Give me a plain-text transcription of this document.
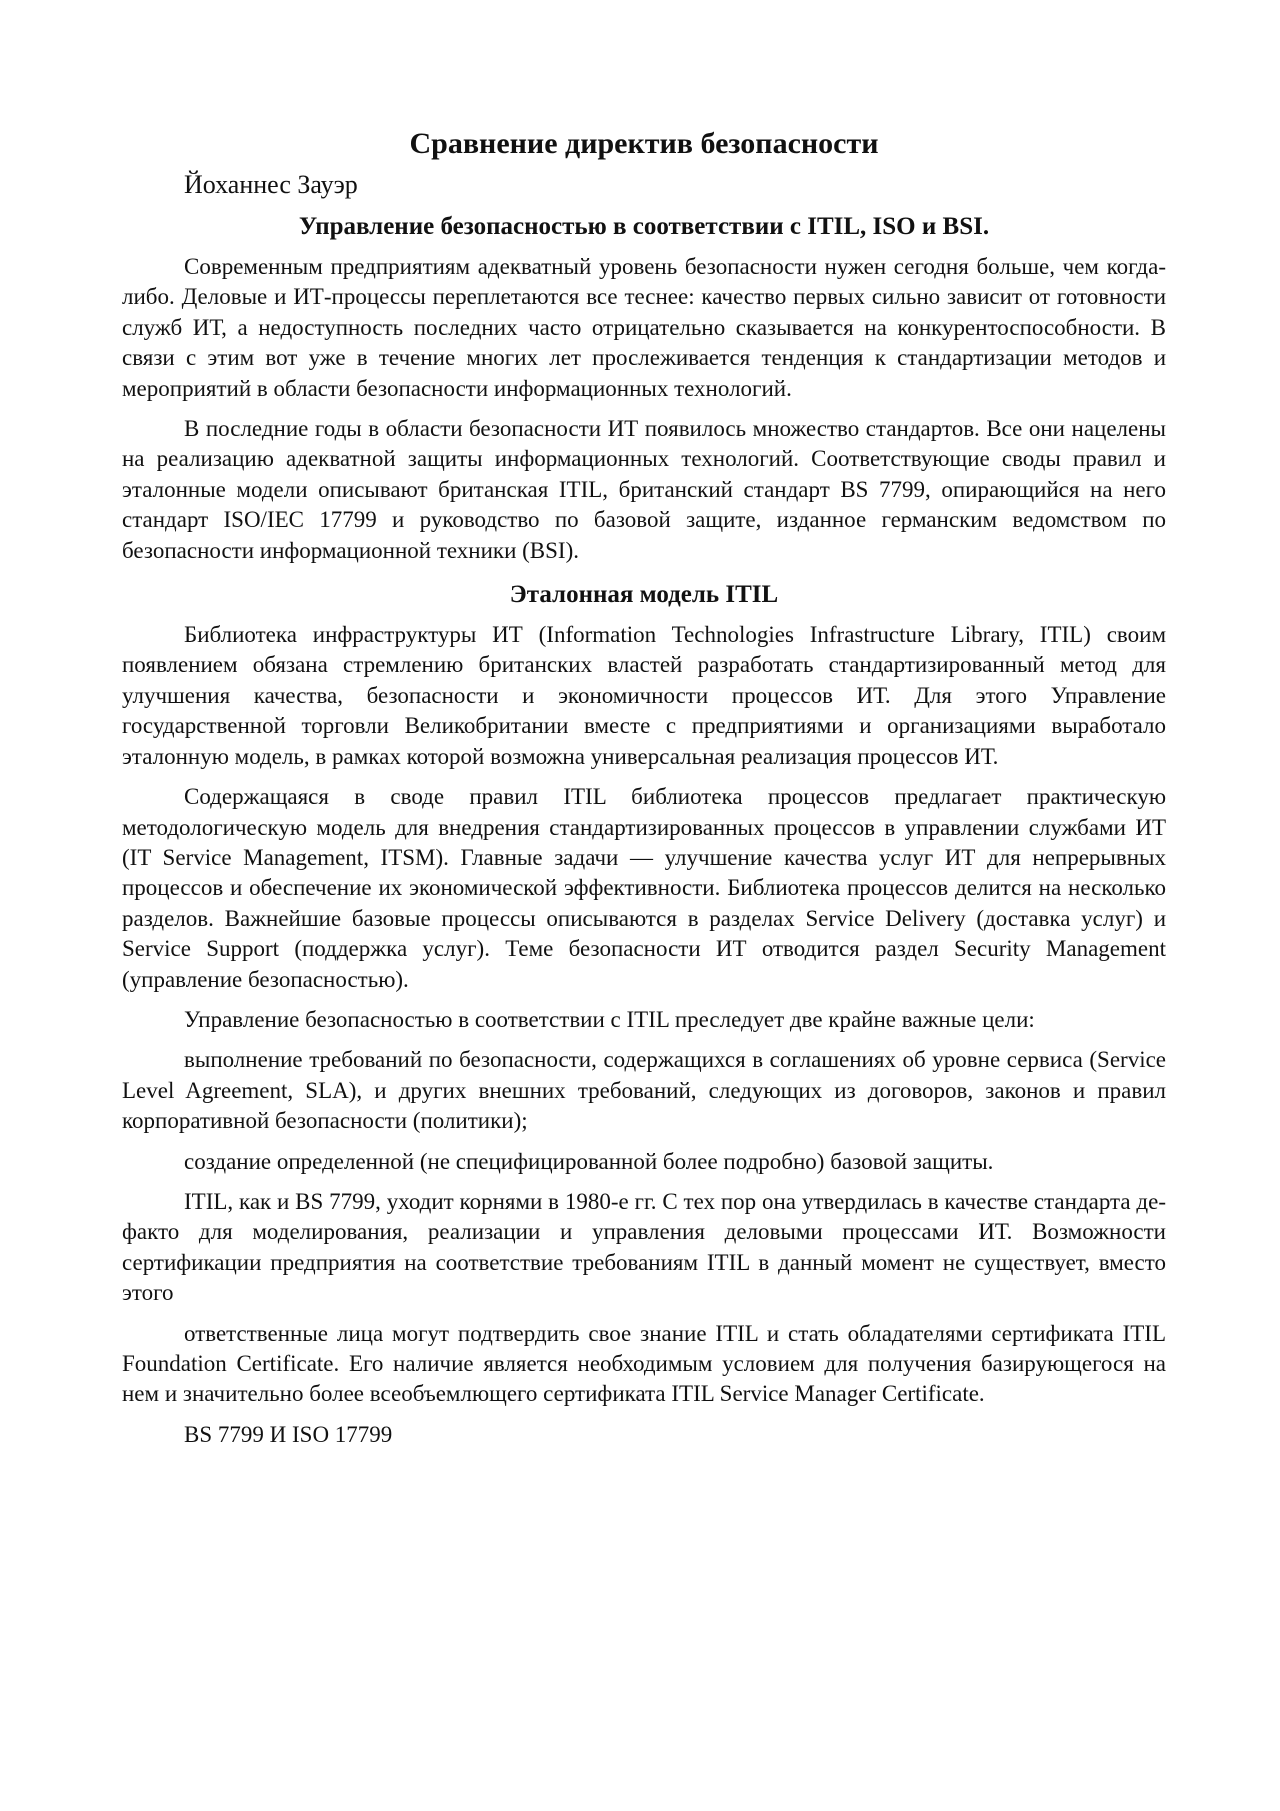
Сравнение директив безопасности

Йоханнес Зауэр

Управление безопасностью в соответствии с ITIL, ISO и BSI.

Современным предприятиям адекватный уровень безопасности нужен сегодня больше, чем когда-либо. Деловые и ИТ-процессы переплетаются все теснее: качество первых сильно зависит от готовности служб ИТ, а недоступность последних часто отрицательно сказывается на конкурентоспособности. В связи с этим вот уже в течение многих лет прослеживается тенденция к стандартизации методов и мероприятий в области безопасности информационных технологий.

В последние годы в области безопасности ИТ появилось множество стандартов. Все они нацелены на реализацию адекватной защиты информационных технологий. Соответствующие своды правил и эталонные модели описывают британская ITIL, британский стандарт BS 7799, опирающийся на него стандарт ISO/IEC 17799 и руководство по базовой защите, изданное германским ведомством по безопасности информационной техники (BSI).

Эталонная модель ITIL

Библиотека инфраструктуры ИТ (Information Technologies Infrastructure Library, ITIL) своим появлением обязана стремлению британских властей разработать стандартизированный метод для улучшения качества, безопасности и экономичности процессов ИТ. Для этого Управление государственной торговли Великобритании вместе с предприятиями и организациями выработало эталонную модель, в рамках которой возможна универсальная реализация процессов ИТ.

Содержащаяся в своде правил ITIL библиотека процессов предлагает практическую методологическую модель для внедрения стандартизированных процессов в управлении службами ИТ (IT Service Management, ITSM). Главные задачи — улучшение качества услуг ИТ для непрерывных процессов и обеспечение их экономической эффективности. Библиотека процессов делится на несколько разделов. Важнейшие базовые процессы описываются в разделах Service Delivery (доставка услуг) и Service Support (поддержка услуг). Теме безопасности ИТ отводится раздел Security Management (управление безопасностью).

Управление безопасностью в соответствии с ITIL преследует две крайне важные цели:

выполнение требований по безопасности, содержащихся в соглашениях об уровне сервиса (Service Level Agreement, SLA), и других внешних требований, следующих из договоров, законов и правил корпоративной безопасности (политики);

создание определенной (не специфицированной более подробно) базовой защиты.

ITIL, как и BS 7799, уходит корнями в 1980-е гг. С тех пор она утвердилась в качестве стандарта де-факто для моделирования, реализации и управления деловыми процессами ИТ. Возможности сертификации предприятия на соответствие требованиям ITIL в данный момент не существует, вместо этого

ответственные лица могут подтвердить свое знание ITIL и стать обладателями сертификата ITIL Foundation Certificate. Его наличие является необходимым условием для получения базирующегося на нем и значительно более всеобъемлющего сертификата ITIL Service Manager Certificate.

BS 7799 И ISO 17799
